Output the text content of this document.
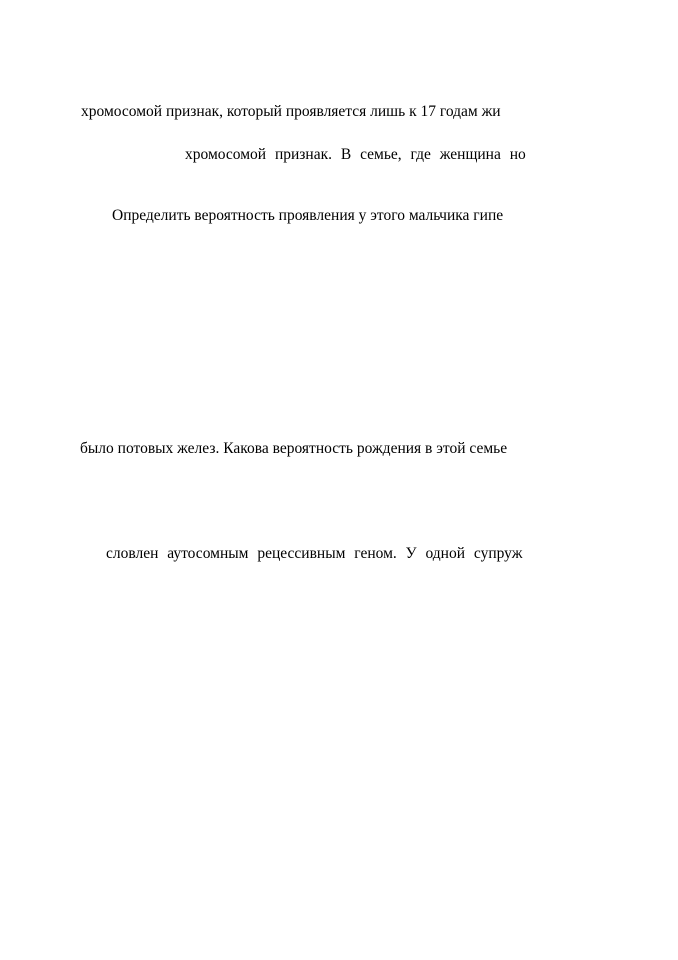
хромосомой признак, который проявляется лишь к 17 годам жи
хромосомой признак. В семье, где женщина но
Определить вероятность проявления у этого мальчика гипе
было потовых желез. Какова вероятность рождения в этой семье
словлен аутосомным рецессивным геном. У одной супруж
